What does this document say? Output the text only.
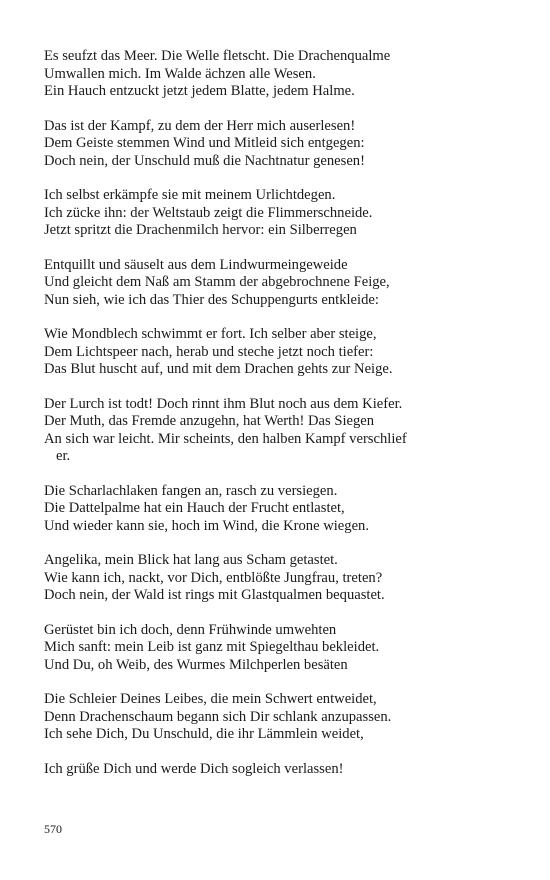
Es seufzt das Meer. Die Welle fletscht. Die Drachenqualme
Umwallen mich. Im Walde ächzen alle Wesen.
Ein Hauch entzuckt jetzt jedem Blatte, jedem Halme.
Das ist der Kampf, zu dem der Herr mich auserlesen!
Dem Geiste stemmen Wind und Mitleid sich entgegen:
Doch nein, der Unschuld muß die Nachtnatur genesen!
Ich selbst erkämpfe sie mit meinem Urlichtdegen.
Ich zücke ihn: der Weltstaub zeigt die Flimmerschneide.
Jetzt spritzt die Drachenmilch hervor: ein Silberregen
Entquillt und säuselt aus dem Lindwurmeingeweide
Und gleicht dem Naß am Stamm der abgebrochnene Feige,
Nun sieh, wie ich das Thier des Schuppengurts entkleide:
Wie Mondblech schwimmt er fort. Ich selber aber steige,
Dem Lichtspeer nach, herab und steche jetzt noch tiefer:
Das Blut huscht auf, und mit dem Drachen gehts zur Neige.
Der Lurch ist todt! Doch rinnt ihm Blut noch aus dem Kiefer.
Der Muth, das Fremde anzugehn, hat Werth! Das Siegen
An sich war leicht. Mir scheints, den halben Kampf verschlief
er.
Die Scharlachlaken fangen an, rasch zu versiegen.
Die Dattelpalme hat ein Hauch der Frucht entlastet,
Und wieder kann sie, hoch im Wind, die Krone wiegen.
Angelika, mein Blick hat lang aus Scham getastet.
Wie kann ich, nackt, vor Dich, entblößte Jungfrau, treten?
Doch nein, der Wald ist rings mit Glastqualmen bequastet.
Gerüstet bin ich doch, denn Frühwinde umwehten
Mich sanft: mein Leib ist ganz mit Spiegelthau bekleidet.
Und Du, oh Weib, des Wurmes Milchperlen besäten
Die Schleier Deines Leibes, die mein Schwert entweidet,
Denn Drachenschaum begann sich Dir schlank anzupassen.
Ich sehe Dich, Du Unschuld, die ihr Lämmlein weidet,
Ich grüße Dich und werde Dich sogleich verlassen!
570
